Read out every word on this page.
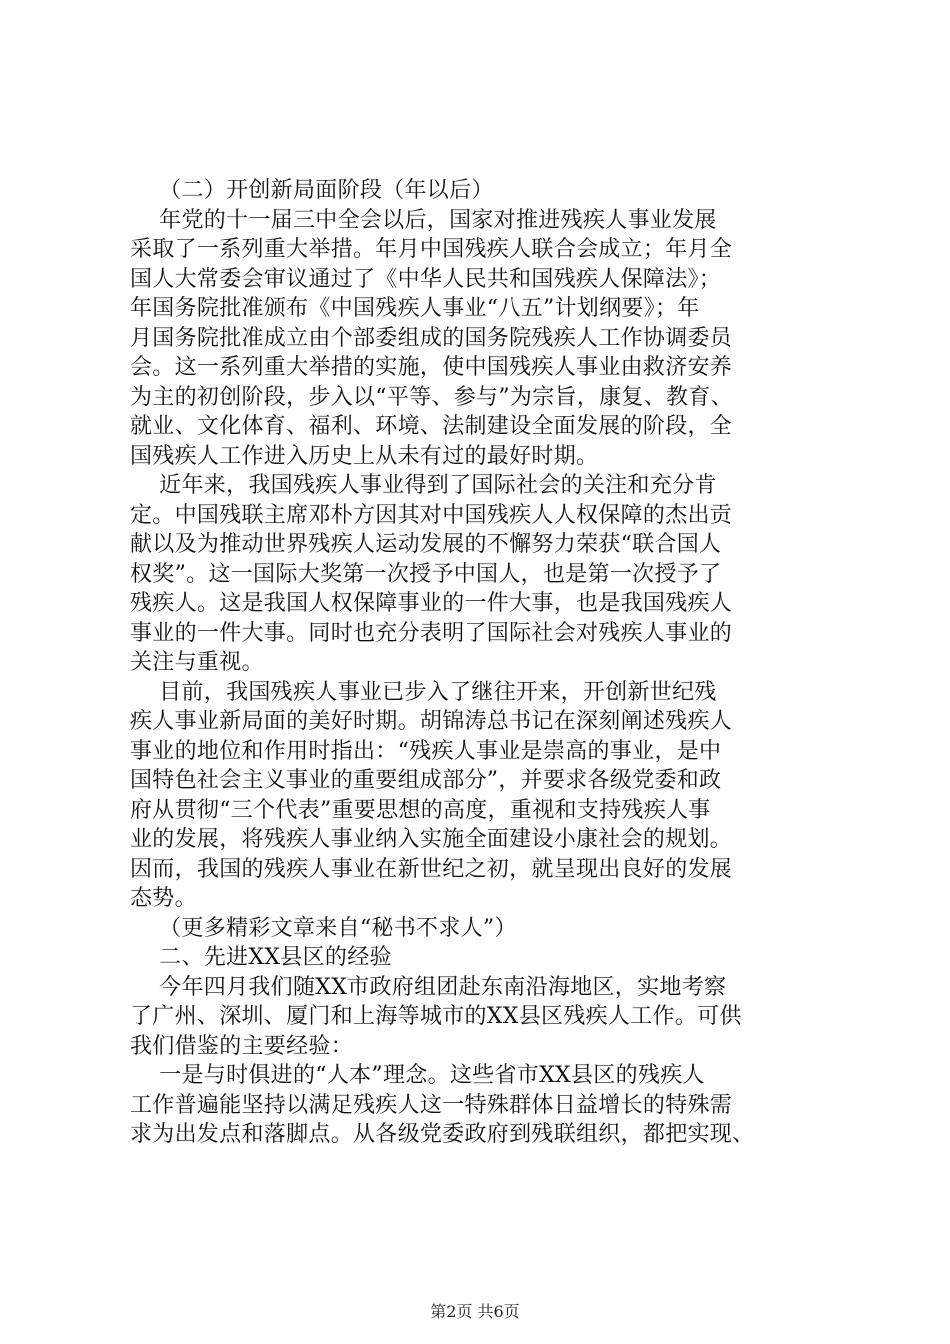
（二）开创新局面阶段（年以后）
年党的十一届三中全会以后，国家对推进残疾人事业发展
采取了一系列重大举措。年月中国残疾人联合会成立；年月全
国人大常委会审议通过了《中华人民共和国残疾人保障法》；
年国务院批准颁布《中国残疾人事业“八五”计划纲要》；年
月国务院批准成立由个部委组成的国务院残疾人工作协调委员
会。这一系列重大举措的实施，使中国残疾人事业由救济安养
为主的初创阶段，步入以“平等、参与”为宗旨，康复、教育、
就业、文化体育、福利、环境、法制建设全面发展的阶段，全
国残疾人工作进入历史上从未有过的最好时期。
近年来，我国残疾人事业得到了国际社会的关注和充分肯
定。中国残联主席邓朴方因其对中国残疾人人权保障的杰出贡
献以及为推动世界残疾人运动发展的不懈努力荣获“联合国人
权奖”。这一国际大奖第一次授予中国人，也是第一次授予了
残疾人。这是我国人权保障事业的一件大事，也是我国残疾人
事业的一件大事。同时也充分表明了国际社会对残疾人事业的
关注与重视。
目前，我国残疾人事业已步入了继往开来，开创新世纪残
疾人事业新局面的美好时期。胡锦涛总书记在深刻阐述残疾人
事业的地位和作用时指出：“残疾人事业是崇高的事业，是中
国特色社会主义事业的重要组成部分”，并要求各级党委和政
府从贯彻“三个代表”重要思想的高度，重视和支持残疾人事
业的发展，将残疾人事业纳入实施全面建设小康社会的规划。
因而，我国的残疾人事业在新世纪之初，就呈现出良好的发展
态势。
（更多精彩文章来自“秘书不求人”）
二、先进XX县区的经验
今年四月我们随XX市政府组团赴东南沿海地区，实地考察
了广州、深圳、厦门和上海等城市的XX县区残疾人工作。可供
我们借鉴的主要经验：
一是与时俱进的“人本”理念。这些省市XX县区的残疾人
工作普遍能坚持以满足残疾人这一特殊群体日益增长的特殊需
求为出发点和落脚点。从各级党委政府到残联组织，都把实现、
第2页 共6页
